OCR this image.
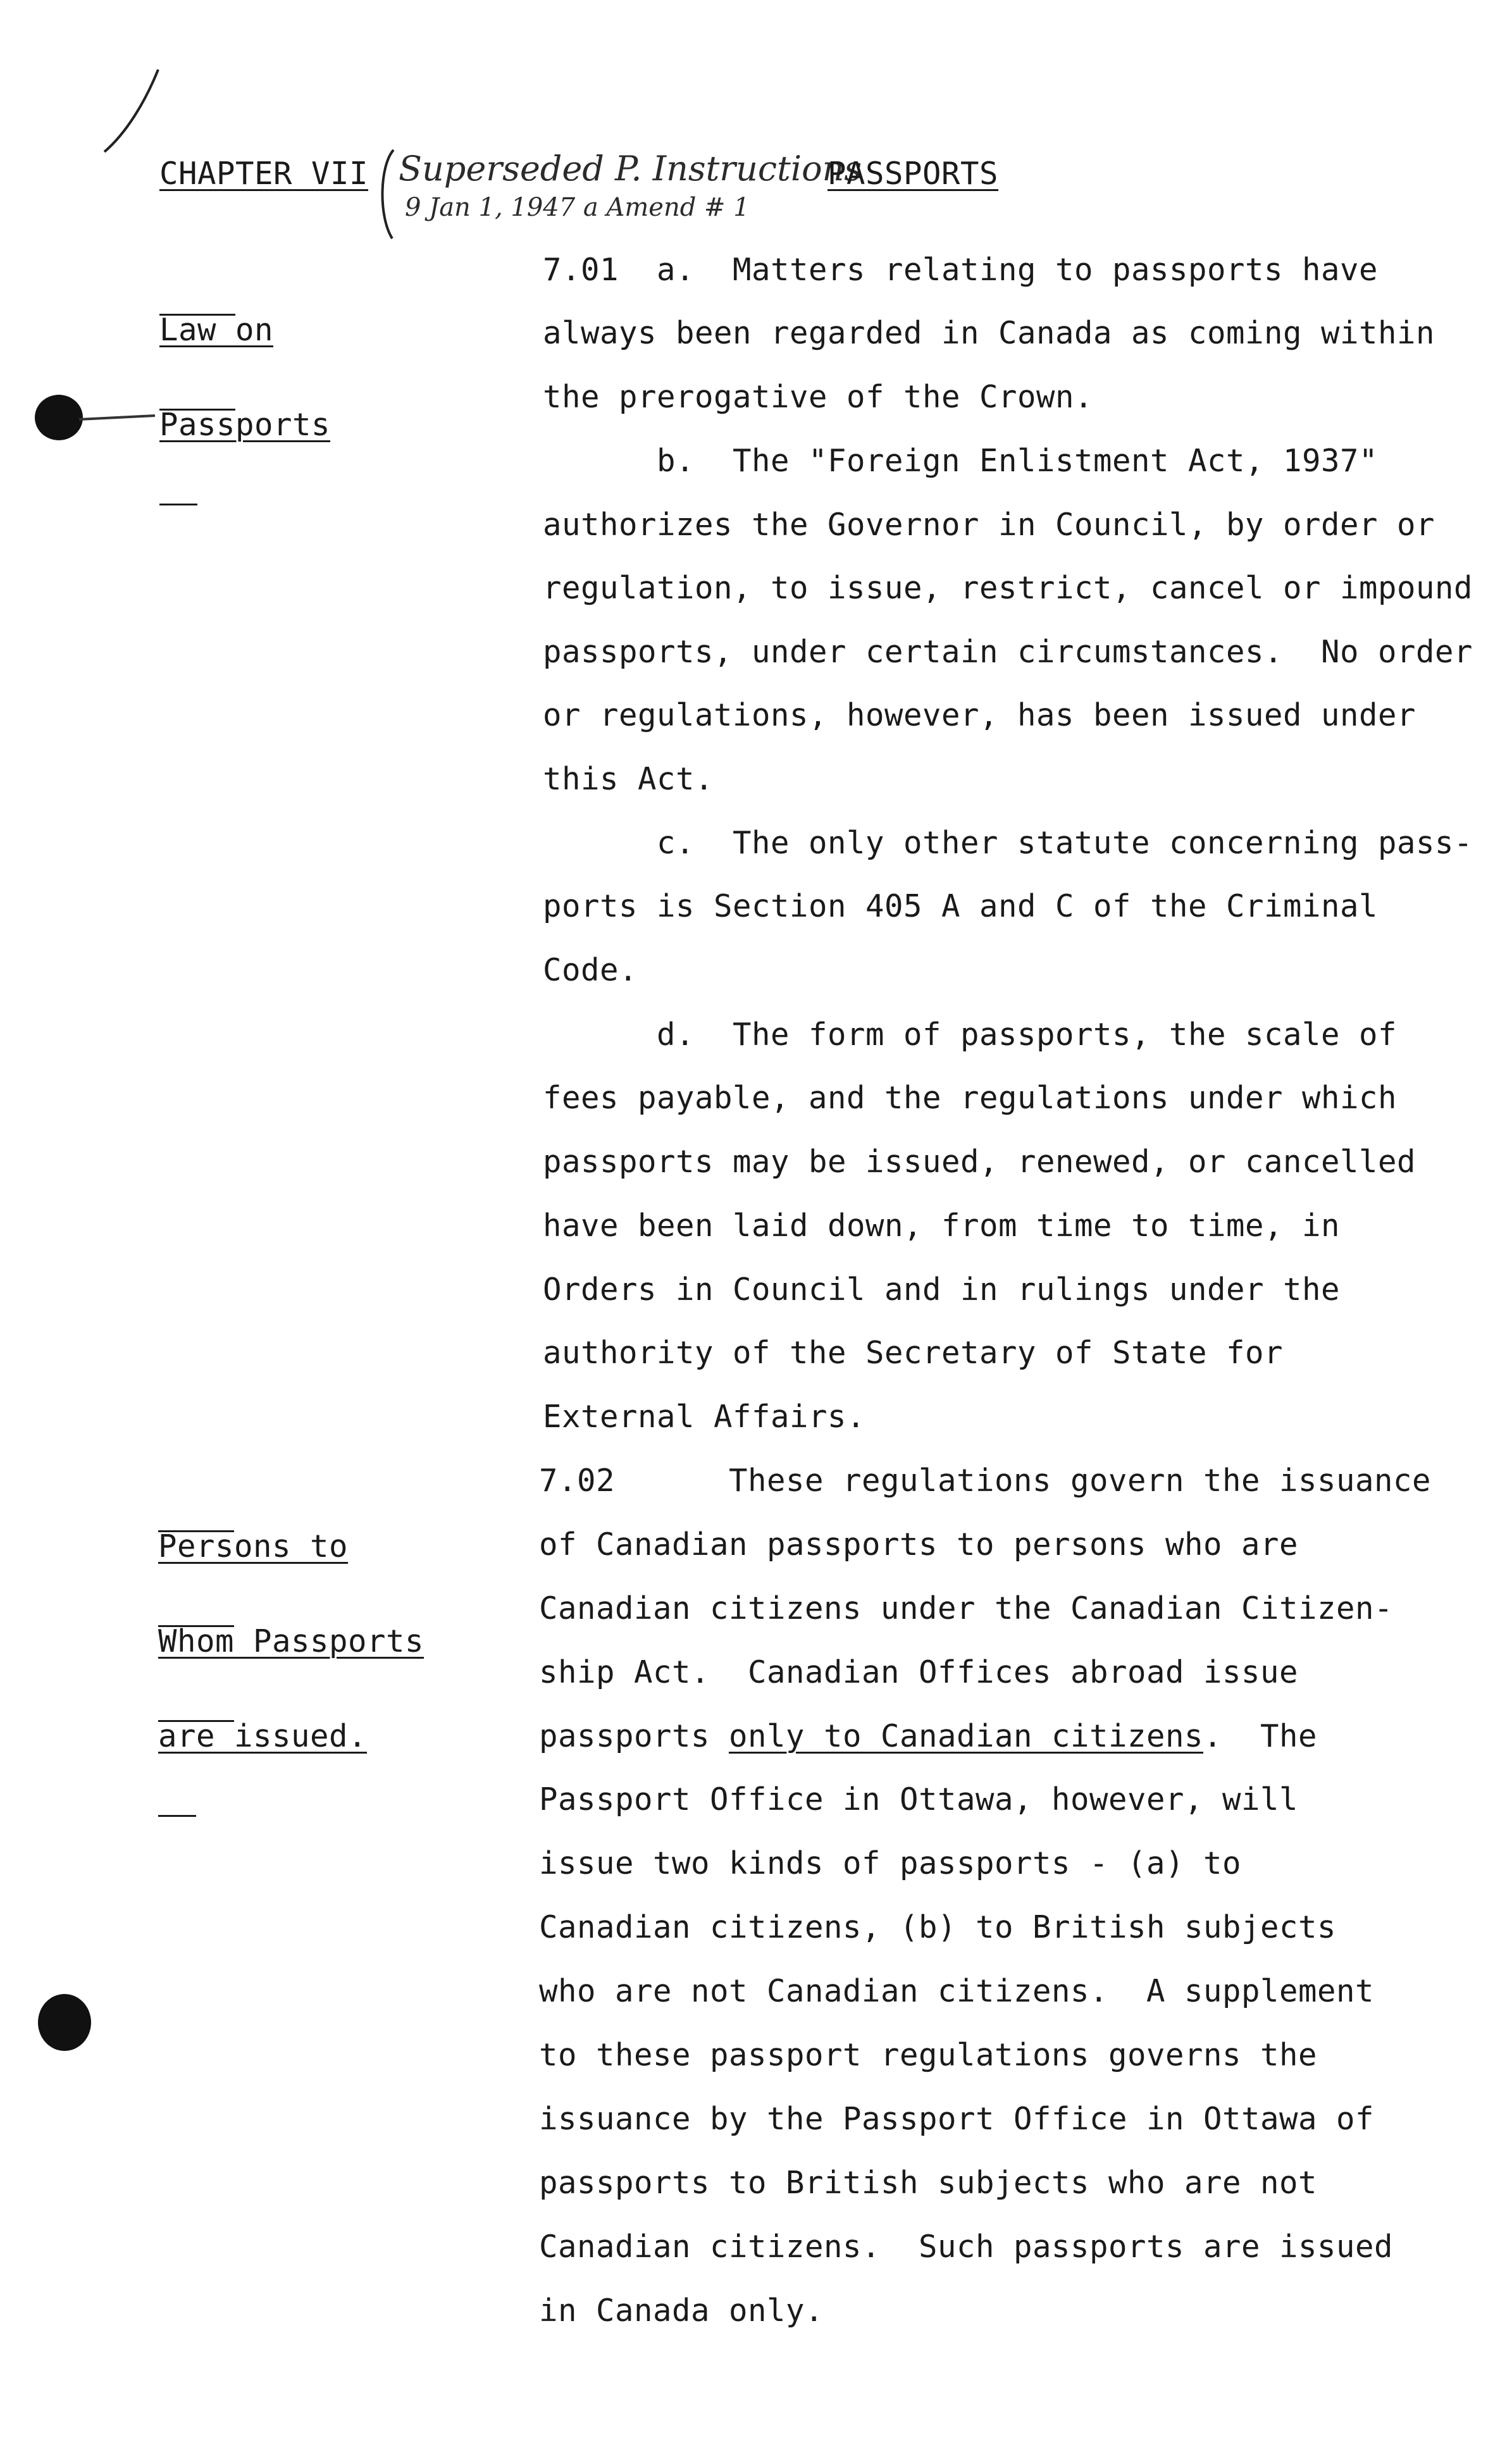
CHAPTER VII Superseded P. Instructions
9 Jan 1, 1947 a Amend # 1
PASSPORTS

Law on

Passports

Persons to

Whom Passports

are issued.

7.01  a.  Matters relating to passports have
always been regarded in Canada as coming within
the prerogative of the Crown.
b.  The "Foreign Enlistment Act, 1937"
authorizes the Governor in Council, by order or
regulation, to issue, restrict, cancel or impound
passports, under certain circumstances.  No order
or regulations, however, has been issued under
this Act.
c.  The only other statute concerning pass-
ports is Section 405 A and C of the Criminal
Code.
d.  The form of passports, the scale of
fees payable, and the regulations under which
passports may be issued, renewed, or cancelled
have been laid down, from time to time, in
Orders in Council and in rulings under the
authority of the Secretary of State for
External Affairs.
7.02      These regulations govern the issuance
of Canadian passports to persons who are
Canadian citizens under the Canadian Citizen-
ship Act.  Canadian Offices abroad issue
passports only to Canadian citizens.  The
Passport Office in Ottawa, however, will
issue two kinds of passports - (a) to
Canadian citizens, (b) to British subjects
who are not Canadian citizens.  A supplement
to these passport regulations governs the
issuance by the Passport Office in Ottawa of
passports to British subjects who are not
Canadian citizens.  Such passports are issued
in Canada only.
